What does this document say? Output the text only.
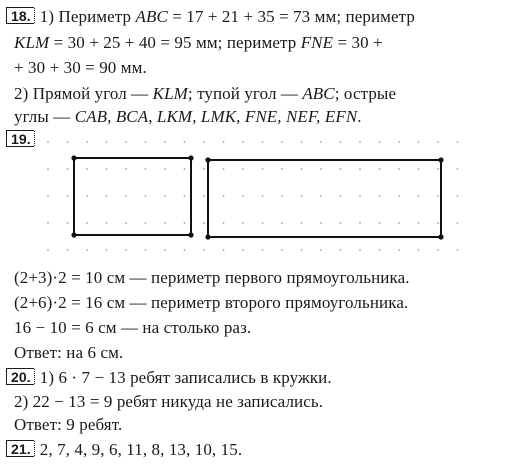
18. 1) Периметр ABC = 17 + 21 + 35 = 73 мм; периметр
KLM = 30 + 25 + 40 = 95 мм; периметр FNE = 30 +
+ 30 + 30 = 90 мм.
2) Прямой угол — KLM; тупой угол — ABC; острые
углы — CAB, BCA, LKM, LMK, FNE, NEF, EFN.
19.
(2+3)·2 = 10 см — периметр первого прямоугольника.
(2+6)·2 = 16 см — периметр второго прямоугольника.
16 − 10 = 6 см — на столько раз.
Ответ: на 6 см.
20. 1) 6 · 7 − 13 ребят записались в кружки.
2) 22 − 13 = 9 ребят никуда не записались.
Ответ: 9 ребят.
21. 2, 7, 4, 9, 6, 11, 8, 13, 10, 15.
